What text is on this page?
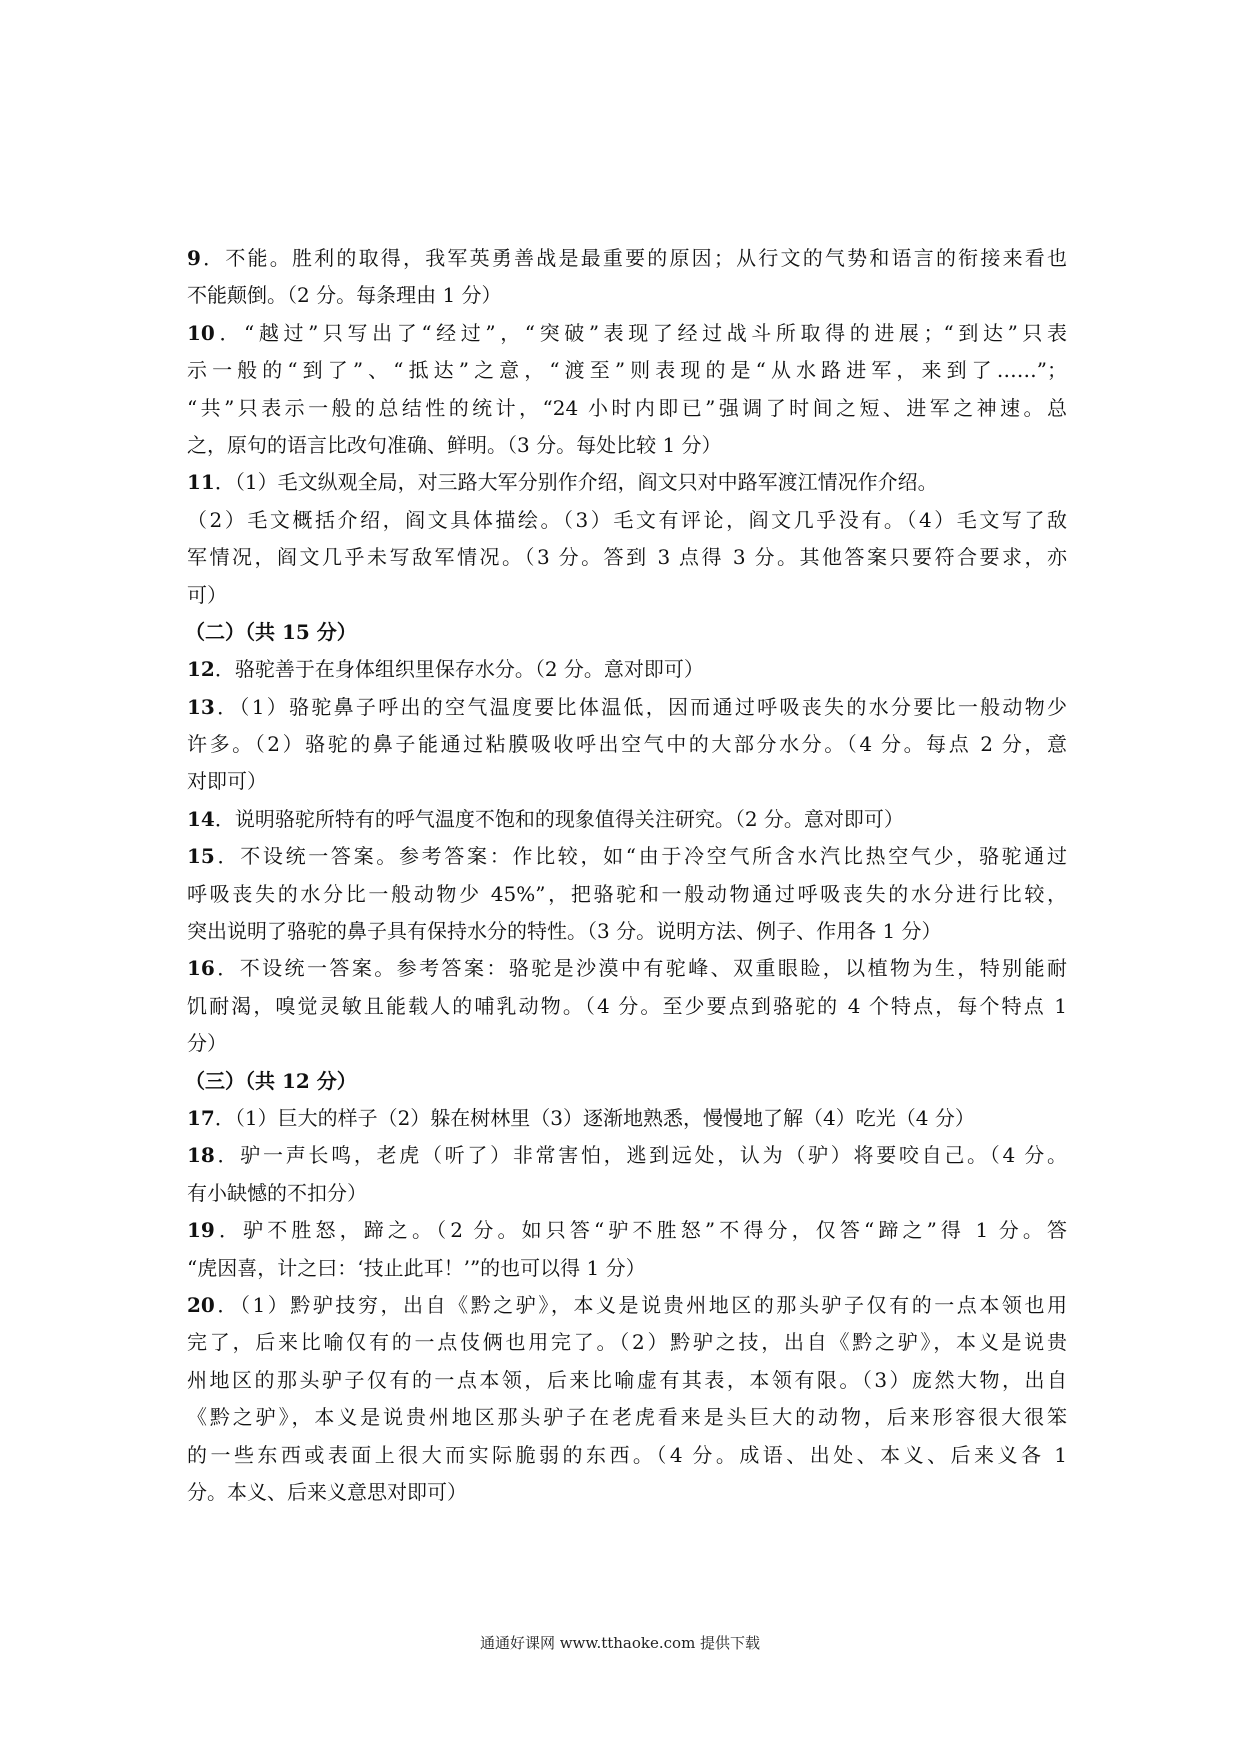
9．不能。胜利的取得，我军英勇善战是最重要的原因；从行文的气势和语言的衔接来看也
不能颠倒。（2 分。每条理由 1 分）
10．“越过”只写出了“经过”，“突破”表现了经过战斗所取得的进展；“到达”只表
示一般的“到了”、“抵达”之意，“渡至”则表现的是“从水路进军，来到了……”；
“共”只表示一般的总结性的统计，“24 小时内即已”强调了时间之短、进军之神速。总
之，原句的语言比改句准确、鲜明。（3 分。每处比较 1 分）
11．（1）毛文纵观全局，对三路大军分别作介绍，阎文只对中路军渡江情况作介绍。
（2）毛文概括介绍，阎文具体描绘。（3）毛文有评论，阎文几乎没有。（4）毛文写了敌
军情况，阎文几乎未写敌军情况。（3 分。答到 3 点得 3 分。其他答案只要符合要求，亦
可）
（二）（共 15 分）
12．骆驼善于在身体组织里保存水分。（2 分。意对即可）
13．（1）骆驼鼻子呼出的空气温度要比体温低，因而通过呼吸丧失的水分要比一般动物少
许多。（2）骆驼的鼻子能通过粘膜吸收呼出空气中的大部分水分。（4 分。每点 2 分，意
对即可）
14．说明骆驼所特有的呼气温度不饱和的现象值得关注研究。（2 分。意对即可）
15．不设统一答案。参考答案：作比较，如“由于冷空气所含水汽比热空气少，骆驼通过
呼吸丧失的水分比一般动物少 45%”，把骆驼和一般动物通过呼吸丧失的水分进行比较，
突出说明了骆驼的鼻子具有保持水分的特性。（3 分。说明方法、例子、作用各 1 分）
16．不设统一答案。参考答案：骆驼是沙漠中有驼峰、双重眼睑，以植物为生，特别能耐
饥耐渴，嗅觉灵敏且能载人的哺乳动物。（4 分。至少要点到骆驼的 4 个特点，每个特点 1
分）
（三）（共 12 分）
17．（1）巨大的样子（2）躲在树林里（3）逐渐地熟悉，慢慢地了解（4）吃光（4 分）
18．驴一声长鸣，老虎（听了）非常害怕，逃到远处，认为（驴）将要咬自己。（4 分。
有小缺憾的不扣分）
19．驴不胜怒，蹄之。（2 分。如只答“驴不胜怒”不得分，仅答“蹄之”得 1 分。答
“虎因喜，计之曰：‘技止此耳！’”的也可以得 1 分）
20．（1）黔驴技穷，出自《黔之驴》，本义是说贵州地区的那头驴子仅有的一点本领也用
完了，后来比喻仅有的一点伎俩也用完了。（2）黔驴之技，出自《黔之驴》，本义是说贵
州地区的那头驴子仅有的一点本领，后来比喻虚有其表，本领有限。（3）庞然大物，出自
《黔之驴》，本义是说贵州地区那头驴子在老虎看来是头巨大的动物，后来形容很大很笨
的一些东西或表面上很大而实际脆弱的东西。（4 分。成语、出处、本义、后来义各 1
分。本义、后来义意思对即可）
通通好课网 www.tthaoke.com 提供下载
